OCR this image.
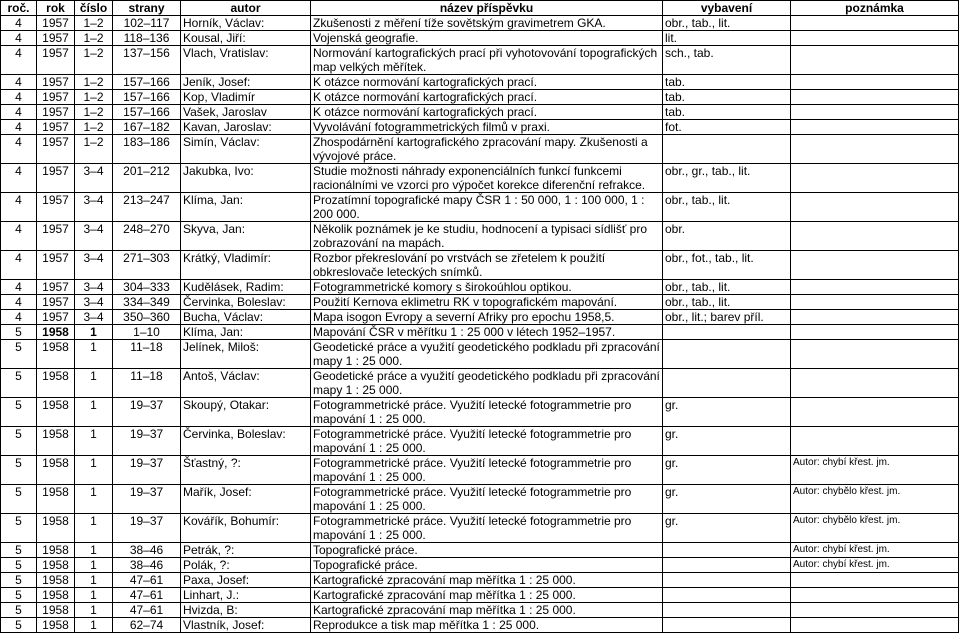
roč.	rok	číslo	strany	autor	název příspěvku	vybavení	poznámka
4	1957	1–2	102–117	Horník, Václav:	Zkušenosti z měření tíže sovětským gravimetrem GKA.	obr., tab., lit.	
4	1957	1–2	118–136	Kousal, Jiří:	Vojenská geografie.	lit.	
4	1957	1–2	137–156	Vlach, Vratislav:	Normování kartografických prací při vyhotovování topografických map velkých měřítek.	sch., tab.	
4	1957	1–2	157–166	Jeník, Josef:	K otázce normování kartografických prací.	tab.	
4	1957	1–2	157–166	Kop, Vladimír	K otázce normování kartografických prací.	tab.	
4	1957	1–2	157–166	Vašek, Jaroslav	K otázce normování kartografických prací.	tab.	
4	1957	1–2	167–182	Kavan, Jaroslav:	Vyvolávání fotogrammetrických filmů v praxi.	fot.	
4	1957	1–2	183–186	Simín, Václav:	Zhospodárnění kartografického zpracování mapy. Zkušenosti a vývojové práce.		
4	1957	3–4	201–212	Jakubka, Ivo:	Studie možnosti náhrady exponenciálních funkcí funkcemi racionálními ve vzorci pro výpočet korekce diferenční refrakce.	obr., gr., tab., lit.	
4	1957	3–4	213–247	Klíma, Jan:	Prozatímní topografické mapy ČSR 1 : 50 000, 1 : 100 000, 1 : 200 000.	obr., tab., lit.	
4	1957	3–4	248–270	Skyva, Jan:	Několik poznámek je ke studiu, hodnocení a typisaci sídlišť pro zobrazování na mapách.	obr.	
4	1957	3–4	271–303	Krátký, Vladimír:	Rozbor překreslování po vrstvách se zřetelem k použití obkreslovače leteckých snímků.	obr., fot., tab., lit.	
4	1957	3–4	304–333	Kudělásek, Radim:	Fotogrammetrické komory s širokoúhlou optikou.	obr., tab., lit.	
4	1957	3–4	334–349	Červinka, Boleslav:	Použití Kernova eklimetru RK v topografickém mapování.	obr., tab., lit.	
4	1957	3–4	350–360	Bucha, Václav:	Mapa isogon Evropy a severní Afriky pro epochu 1958,5.	obr., lit.; barev příl.	
5	1958	1	1–10	Klíma, Jan:	Mapování ČSR v měřítku 1 : 25 000 v létech 1952–1957.		
5	1958	1	11–18	Jelínek, Miloš:	Geodetické práce a využití geodetického podkladu při zpracování mapy 1 : 25 000.		
5	1958	1	11–18	Antoš, Václav:	Geodetické práce a využití geodetického podkladu při zpracování mapy 1 : 25 000.		
5	1958	1	19–37	Skoupý, Otakar:	Fotogrammetrické práce. Využití letecké fotogrammetrie pro mapování 1 : 25 000.	gr.	
5	1958	1	19–37	Červinka, Boleslav:	Fotogrammetrické práce. Využití letecké fotogrammetrie pro mapování 1 : 25 000.	gr.	
5	1958	1	19–37	Šťastný, ?:	Fotogrammetrické práce. Využití letecké fotogrammetrie pro mapování 1 : 25 000.	gr.	Autor: chybí křest. jm.
5	1958	1	19–37	Mařík, Josef:	Fotogrammetrické práce. Využití letecké fotogrammetrie pro mapování 1 : 25 000.	gr.	Autor: chybělo křest. jm.
5	1958	1	19–37	Kovářík, Bohumír:	Fotogrammetrické práce. Využití letecké fotogrammetrie pro mapování 1 : 25 000.	gr.	Autor: chybělo křest. jm.
5	1958	1	38–46	Petrák, ?:	Topografické práce.		Autor: chybí křest. jm.
5	1958	1	38–46	Polák, ?:	Topografické práce.		Autor: chybí křest. jm.
5	1958	1	47–61	Paxa, Josef:	Kartografické zpracování map měřítka 1 : 25 000.		
5	1958	1	47–61	Linhart, J.:	Kartografické zpracování map měřítka 1 : 25 000.		
5	1958	1	47–61	Hvizda, B:	Kartografické zpracování map měřítka 1 : 25 000.		
5	1958	1	62–74	Vlastník, Josef:	Reprodukce a tisk map měřítka 1 : 25 000.		
